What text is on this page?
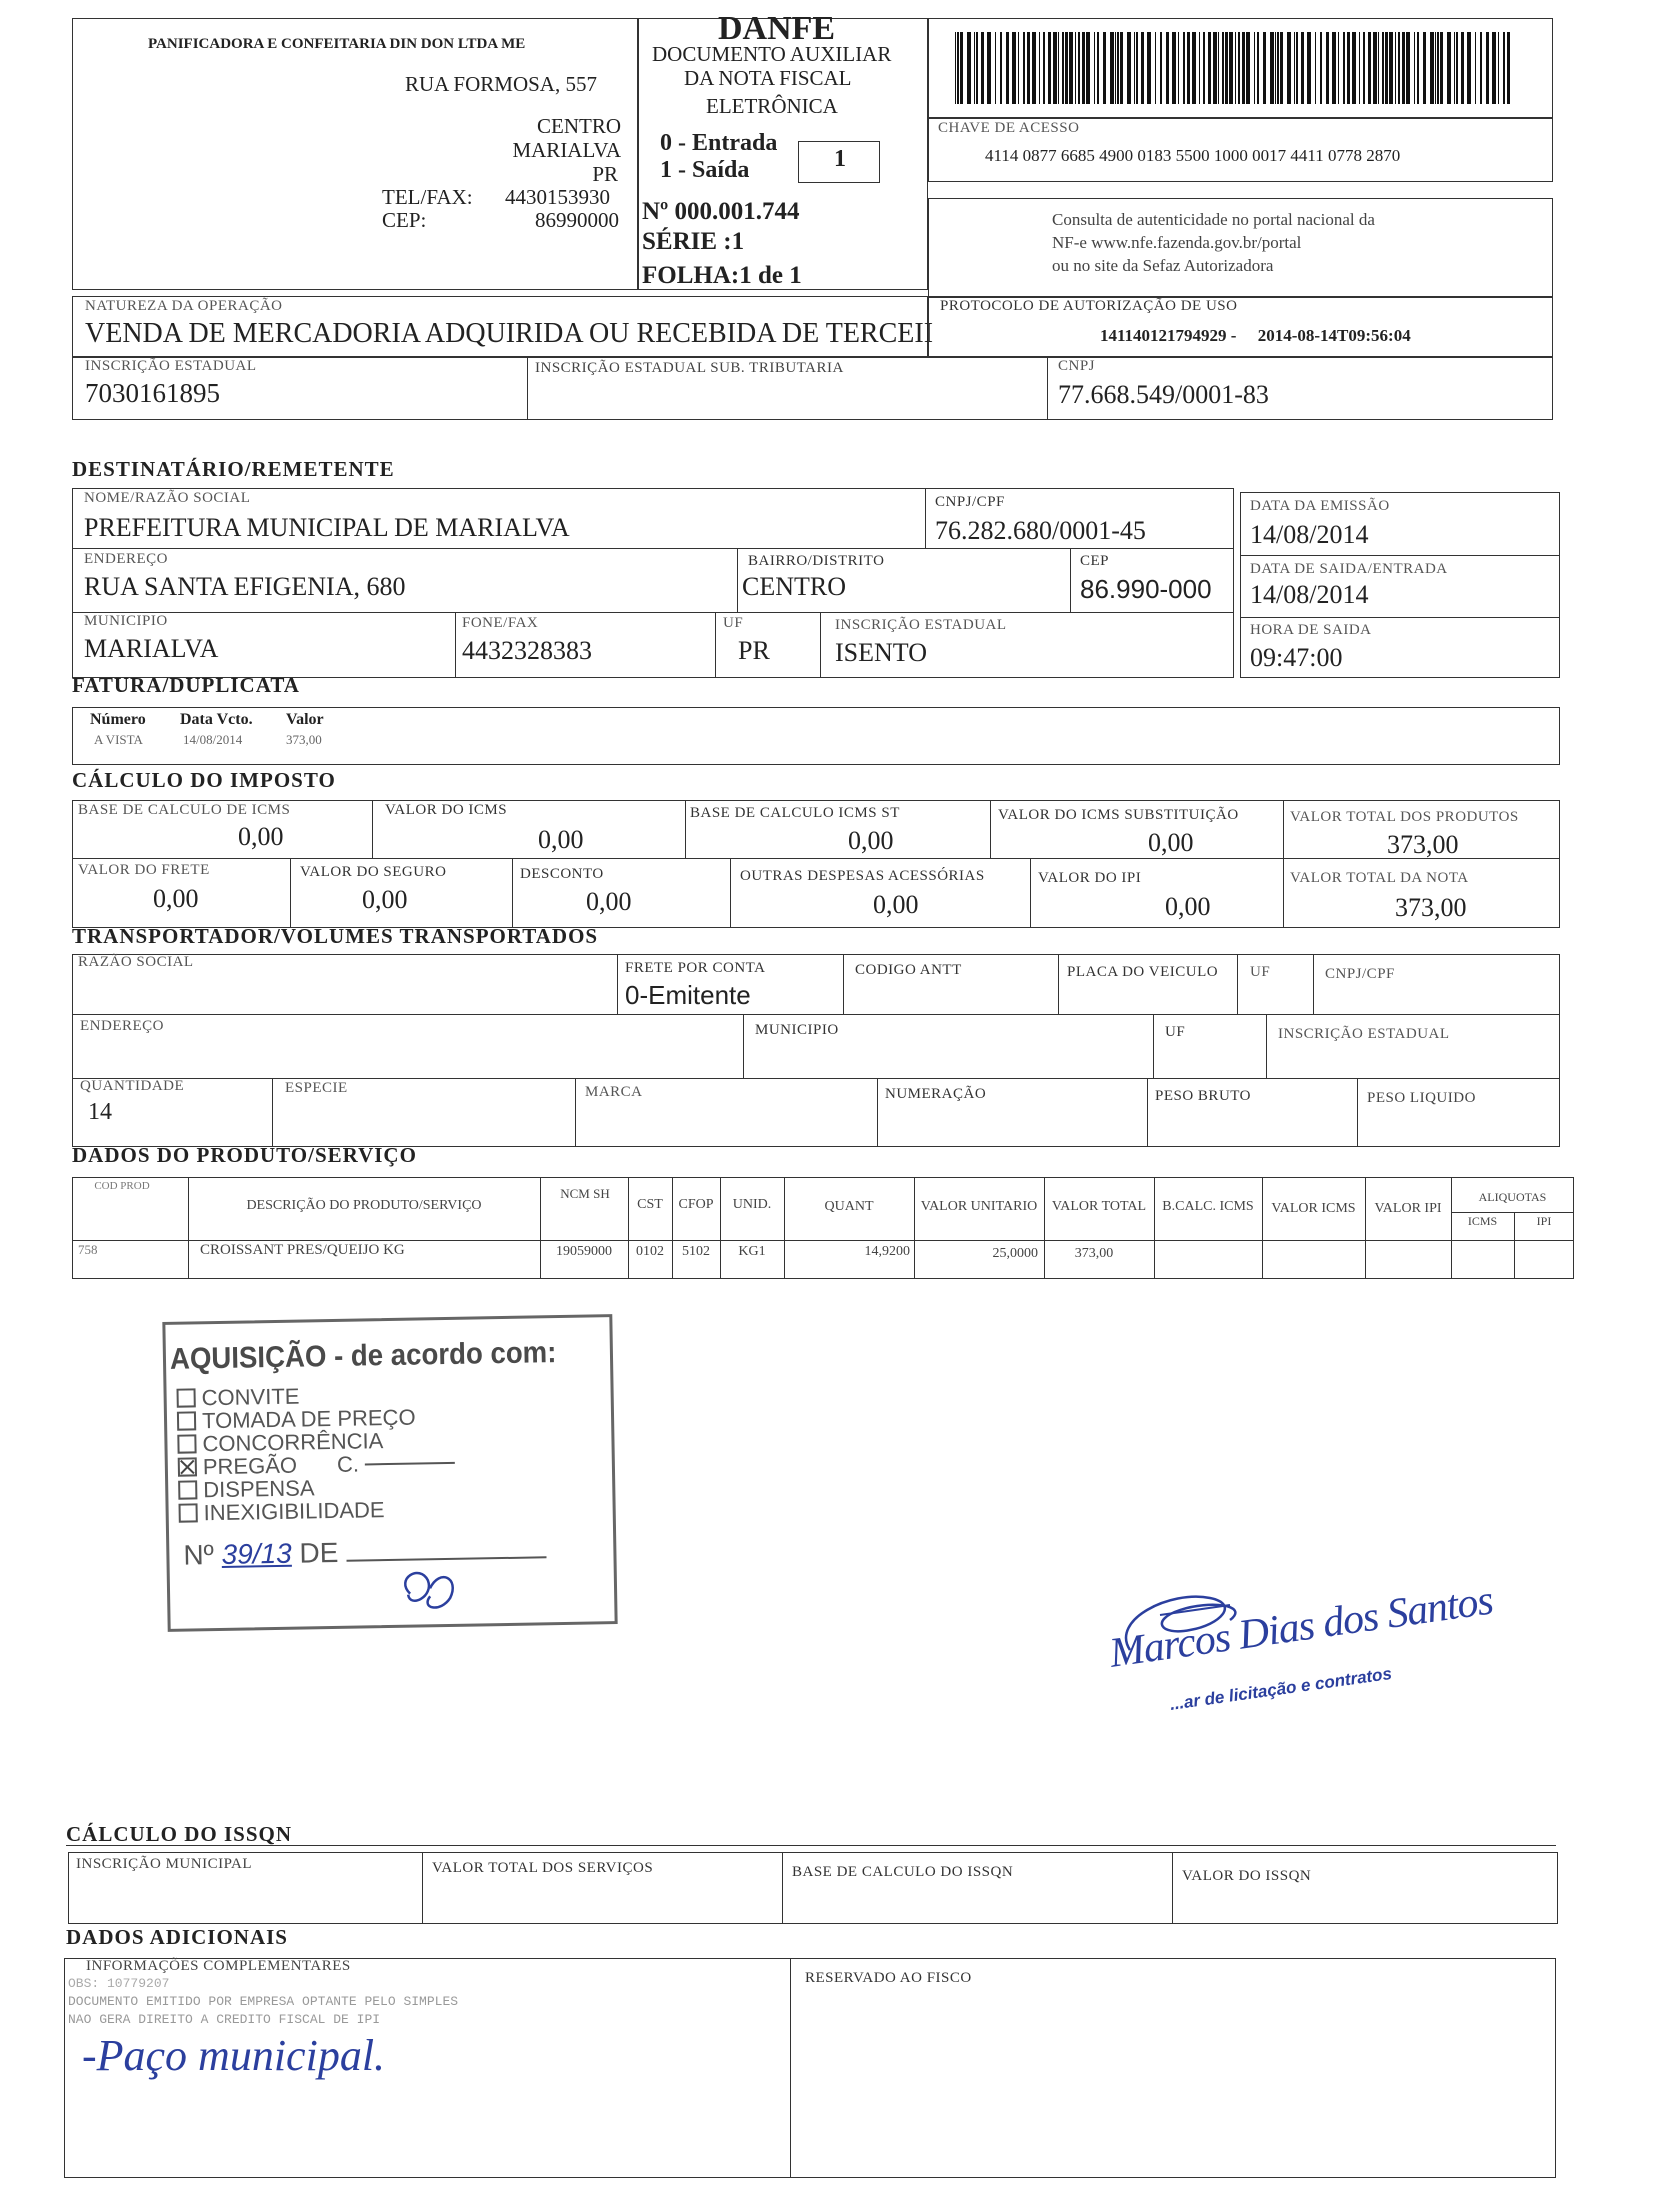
PANIFICADORA E CONFEITARIA DIN DON LTDA ME
RUA FORMOSA, 557
CENTRO
MARIALVA
PR
TEL/FAX: 4430153930
CEP:	86990000
DANFE
DOCUMENTO AUXILIAR
DA NOTA FISCAL
ELETRÔNICA
0 - Entrada
1 - Saída	1
Nº 000.001.744
SÉRIE :1
FOLHA:1 de 1
CHAVE DE ACESSO
4114 0877 6685 4900 0183 5500 1000 0017 4411 0778 2870
Consulta de autenticidade no portal nacional da
NF-e www.nfe.fazenda.gov.br/portal
ou no site da Sefaz Autorizadora
NATUREZA DA OPERAÇÃO
VENDA DE MERCADORIA ADQUIRIDA OU RECEBIDA DE TERCEII
PROTOCOLO DE AUTORIZAÇÃO DE USO
141140121794929 -     2014-08-14T09:56:04
INSCRIÇÃO ESTADUAL
7030161895
INSCRIÇÃO ESTADUAL SUB. TRIBUTARIA	CNPJ
77.668.549/0001-83
DESTINATÁRIO/REMETENTE
NOME/RAZÃO SOCIAL
PREFEITURA MUNICIPAL DE MARIALVA
CNPJ/CPF
76.282.680/0001-45
ENDEREÇO
RUA SANTA EFIGENIA, 680
BAIRRO/DISTRITO
CENTRO
CEP
86.990-000
MUNICIPIO
MARIALVA
FONE/FAX
4432328383
UF
PR
INSCRIÇÃO ESTADUAL
ISENTO
DATA DA EMISSÃO
14/08/2014
DATA DE SAIDA/ENTRADA
14/08/2014
HORA DE SAIDA
09:47:00
FATURA/DUPLICATA
Número Data Vcto. Valor
A VISTA	14/08/2014	373,00
CÁLCULO DO IMPOSTO
BASE DE CALCULO DE ICMS
0,00
VALOR DO ICMS
0,00
BASE DE CALCULO ICMS ST
0,00
VALOR DO ICMS SUBSTITUIÇÃO
0,00
VALOR TOTAL DOS PRODUTOS
373,00
VALOR DO FRETE
0,00
VALOR DO SEGURO
0,00
DESCONTO
0,00
OUTRAS DESPESAS ACESSÓRIAS
0,00
VALOR DO IPI
0,00
VALOR TOTAL DA NOTA
373,00
TRANSPORTADOR/VOLUMES TRANSPORTADOS
RAZÃO SOCIAL	FRETE POR CONTA
0-Emitente
CODIGO ANTT	PLACA DO VEICULO UF	CNPJ/CPF
ENDEREÇO	MUNICIPIO	UF	INSCRIÇÃO ESTADUAL
QUANTIDADE
14
ESPECIE	MARCA	NUMERAÇÃO	PESO BRUTO	PESO LIQUIDO
DADOS DO PRODUTO/SERVIÇO
COD PROD
DESCRIÇÃO DO PRODUTO/SERVIÇO
NCM SH
CST	CFOP	UNID.	QUANT	VALOR UNITARIO	VALOR TOTAL	B.CALC. ICMS	VALOR ICMS	VALOR IPI
ALIQUOTAS
ICMS	IPI
758	CROISSANT PRES/QUEIJO KG	19059000	0102	5102	KG1	14,9200	25,0000	373,00
AQUISIÇÃO - de acordo com:
CONVITE
TOMADA DE PREÇO
CONCORRÊNCIA
PREGÃO C.
DISPENSA
INEXIGIBILIDADE
Nº 39/13 DE
Marcos Dias dos Santos
...ar de licitação e contratos
CÁLCULO DO ISSQN
INSCRIÇÃO MUNICIPAL	VALOR TOTAL DOS SERVIÇOS	BASE DE CALCULO DO ISSQN	VALOR DO ISSQN
DADOS ADICIONAIS
INFORMAÇÕES COMPLEMENTARES
OBS: 10779207
DOCUMENTO EMITIDO POR EMPRESA OPTANTE PELO SIMPLES
NAO GERA DIREITO A CREDITO FISCAL DE IPI
-Paço municipal.
RESERVADO AO FISCO
